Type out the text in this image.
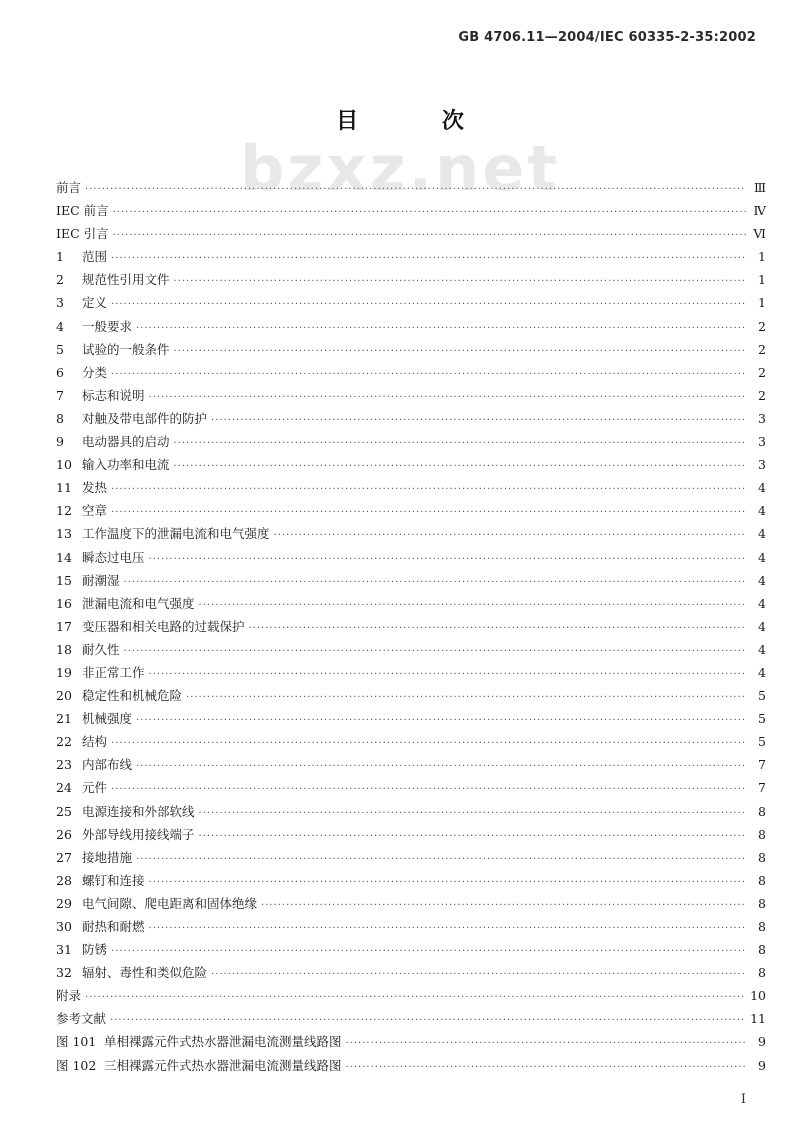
GB 4706.11—2004/IEC 60335-2-35:2002
bzxz.net
目 次
前言 ·····	Ⅲ
IEC 前言 ·····	Ⅳ
IEC 引言 ·····	Ⅵ
1	范围 ·····	1
2	规范性引用文件 ·····	1
3	定义 ·····	1
4	一般要求 ·····	2
5	试验的一般条件 ·····	2
6	分类 ·····	2
7	标志和说明 ·····	2
8	对触及带电部件的防护 ·····	3
9	电动器具的启动 ·····	3
10 输入功率和电流 ·····	3
11 发热 ·····	4
12 空章 ·····	4
13 工作温度下的泄漏电流和电气强度 ·····	4
14 瞬态过电压 ·····	4
15 耐潮湿 ·····	4
16 泄漏电流和电气强度 ·····	4
17 变压器和相关电路的过载保护 ·····	4
18 耐久性 ·····	4
19 非正常工作 ·····	4
20 稳定性和机械危险 ·····	5
21 机械强度 ·····	5
22 结构 ·····	5
23 内部布线 ·····	7
24 元件 ·····	7
25 电源连接和外部软线 ·····	8
26 外部导线用接线端子 ·····	8
27 接地措施 ·····	8
28 螺钉和连接 ·····	8
29 电气间隙、爬电距离和固体绝缘 ·····	8
30 耐热和耐燃 ·····	8
31 防锈 ·····	8
32 辐射、毒性和类似危险 ·····	8
附录 ·····	10
参考文献 ·····	11
图 101 单相裸露元件式热水器泄漏电流测量线路图 ·····	9
图 102 三相裸露元件式热水器泄漏电流测量线路图 ·····	9
Ⅰ
